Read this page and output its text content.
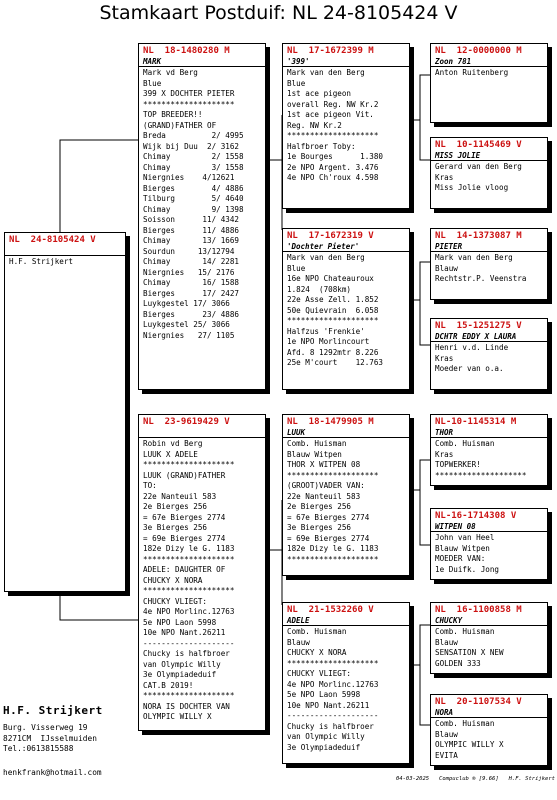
Stamkaart Postduif: NL 24-8105424 V
NL  24-8105424 V
H.F. Strijkert
NL  18-1480280 M
MARK
Mark vd Berg
Blue
399 X DOCHTER PIETER
********************
TOP BREEDER!!
(GRAND)FATHER OF
Breda          2/ 4995
Wijk bij Duu  2/ 3162
Chimay         2/ 1558
Chimay         3/ 1558
Niergnies    4/12621
Bierges        4/ 4886
Tilburg        5/ 4640
Chimay         9/ 1398
Soisson      11/ 4342
Bierges      11/ 4886
Chimay       13/ 1669
Sourdun     13/12794
Chimay       14/ 2281
Niergnies   15/ 2176
Chimay       16/ 1588
Bierges      17/ 2427
Luykgestel 17/ 3066
Bierges      23/ 4886
Luykgestel 25/ 3066
Niergnies   27/ 1105
NL  23-9619429 V
Robin vd Berg
LUUK X ADELE
********************
LUUK (GRAND)FATHER
TO:
22e Nanteuil 583
2e Bierges 256
= 67e Bierges 2774
3e Bierges 256
= 69e Bierges 2774
182e Dizy le G. 1183
********************
ADELE: DAUGHTER OF
CHUCKY X NORA
********************
CHUCKY VLIEGT:
4e NPO Morlinc.12763
5e NPO Laon 5998
10e NPO Nant.26211
--------------------
Chucky is halfbroer
van Olympic Willy
3e Olympiadeduif
CAT.B 2019!
********************
NORA IS DOCHTER VAN
OLYMPIC WILLY X
NL  17-1672399 M
'399'
Mark van den Berg
Blue
1st ace pigeon
overall Reg. NW Kr.2
1st ace pigeon Vit.
Reg. NW Kr.2
********************
Halfbroer Toby:
1e Bourges      1.380
2e NPO Argent. 3.476
4e NPO Ch'roux 4.598
NL  17-1672319 V
'Dochter Pieter'
Mark van den Berg
Blue
16e NPO Chateauroux
1.824  (708km)
22e Asse Zell. 1.852
50e Quievrain  6.058
********************
Halfzus 'Frenkie'
1e NPO Morlincourt
Afd. 8 1292mtr 8.226
25e M'court    12.763
NL  18-1479905 M
LUUK
Comb. Huisman
Blauw Witpen
THOR X WITPEN 08
********************
(GROOT)VADER VAN:
22e Nanteuil 583
2e Bierges 256
= 67e Bierges 2774
3e Bierges 256
= 69e Bierges 2774
182e Dizy le G. 1183
********************
NL  21-1532260 V
ADELE
Comb. Huisman
Blauw
CHUCKY X NORA
********************
CHUCKY VLIEGT:
4e NPO Morlinc.12763
5e NPO Laon 5998
10e NPO Nant.26211
--------------------
Chucky is halfbroer
van Olympic Willy
3e Olympiadeduif
NL  12-0000000 M
Zoon 781
Anton Ruitenberg
NL  10-1145469 V
MISS JOLIE
Gerard van den Berg
Kras
Miss Jolie vloog
NL  14-1373087 M
PIETER
Mark van den Berg
Blauw
Rechtstr.P. Veenstra
NL  15-1251275 V
DCHTR EDDY X LAURA
Henri v.d. Linde
Kras
Moeder van o.a.
NL-10-1145314 M
THOR
Comb. Huisman
Kras
TOPWERKER!
********************
NL-16-1714308 V
WITPEN 08
John van Heel
Blauw Witpen
MOEDER VAN:
1e Duifk. Jong
NL  16-1100858 M
CHUCKY
Comb. Huisman
Blauw
SENSATION X NEW
GOLDEN 333
NL  20-1107534 V
NORA
Comb. Huisman
Blauw
OLYMPIC WILLY X
EVITA
H.F. Strijkert
Burg. Visserweg 19
8271CM  IJsselmuiden
Tel.:0613815588
henkfrank@hotmail.com
04-03-2025   Compuclub ® [9.66]   H.F. Strijkert
